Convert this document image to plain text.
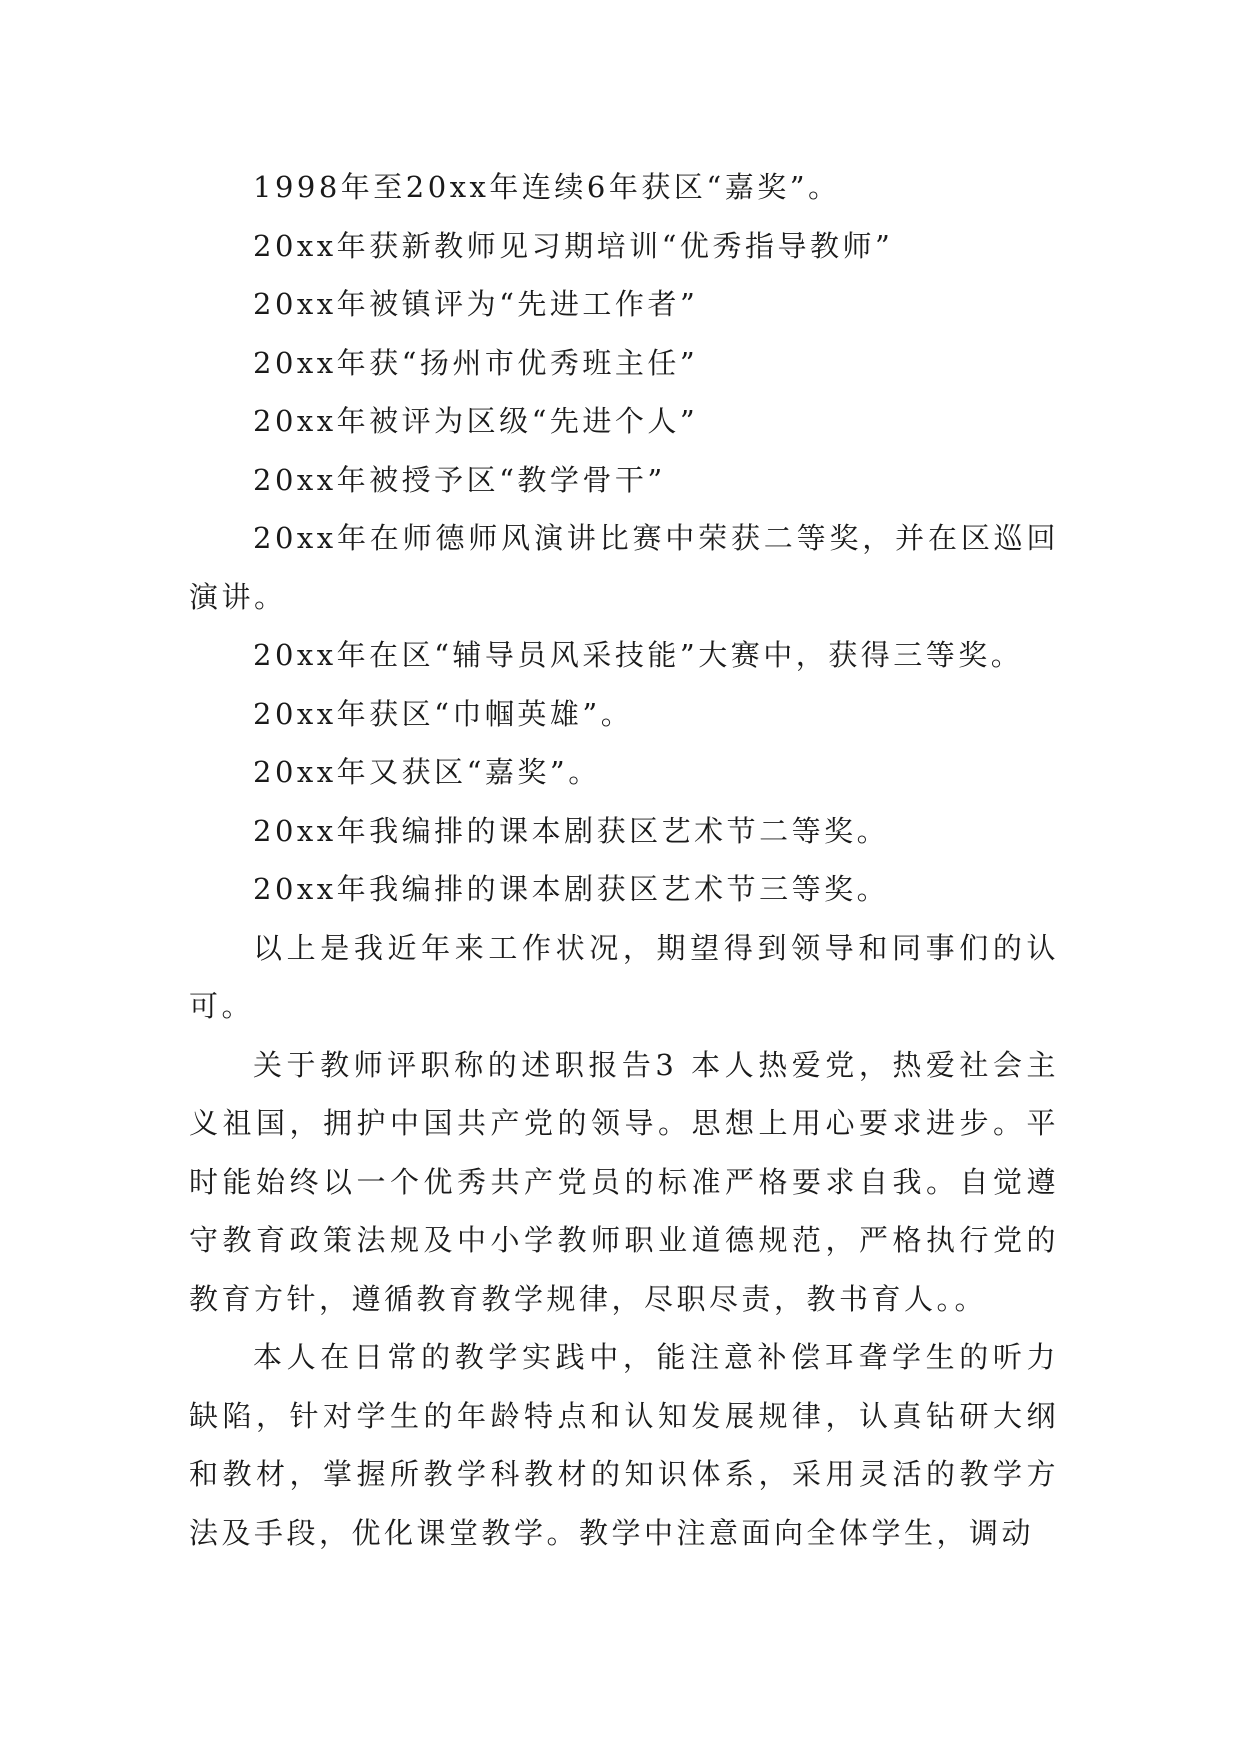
1998年至20xx年连续6年获区“嘉奖”。

20xx年获新教师见习期培训“优秀指导教师”

20xx年被镇评为“先进工作者”

20xx年获“扬州市优秀班主任”

20xx年被评为区级“先进个人”

20xx年被授予区“教学骨干”

20xx年在师德师风演讲比赛中荣获二等奖，并在区巡回演讲。

20xx年在区“辅导员风采技能”大赛中，获得三等奖。

20xx年获区“巾帼英雄”。

20xx年又获区“嘉奖”。

20xx年我编排的课本剧获区艺术节二等奖。

20xx年我编排的课本剧获区艺术节三等奖。

以上是我近年来工作状况，期望得到领导和同事们的认可。

关于教师评职称的述职报告3 本人热爱党，热爱社会主义祖国，拥护中国共产党的领导。思想上用心要求进步。平时能始终以一个优秀共产党员的标准严格要求自我。自觉遵守教育政策法规及中小学教师职业道德规范，严格执行党的教育方针，遵循教育教学规律，尽职尽责，教书育人。。

本人在日常的教学实践中，能注意补偿耳聋学生的听力缺陷，针对学生的年龄特点和认知发展规律，认真钻研大纲和教材，掌握所教学科教材的知识体系，采用灵活的教学方法及手段，优化课堂教学。教学中注意面向全体学生，调动
